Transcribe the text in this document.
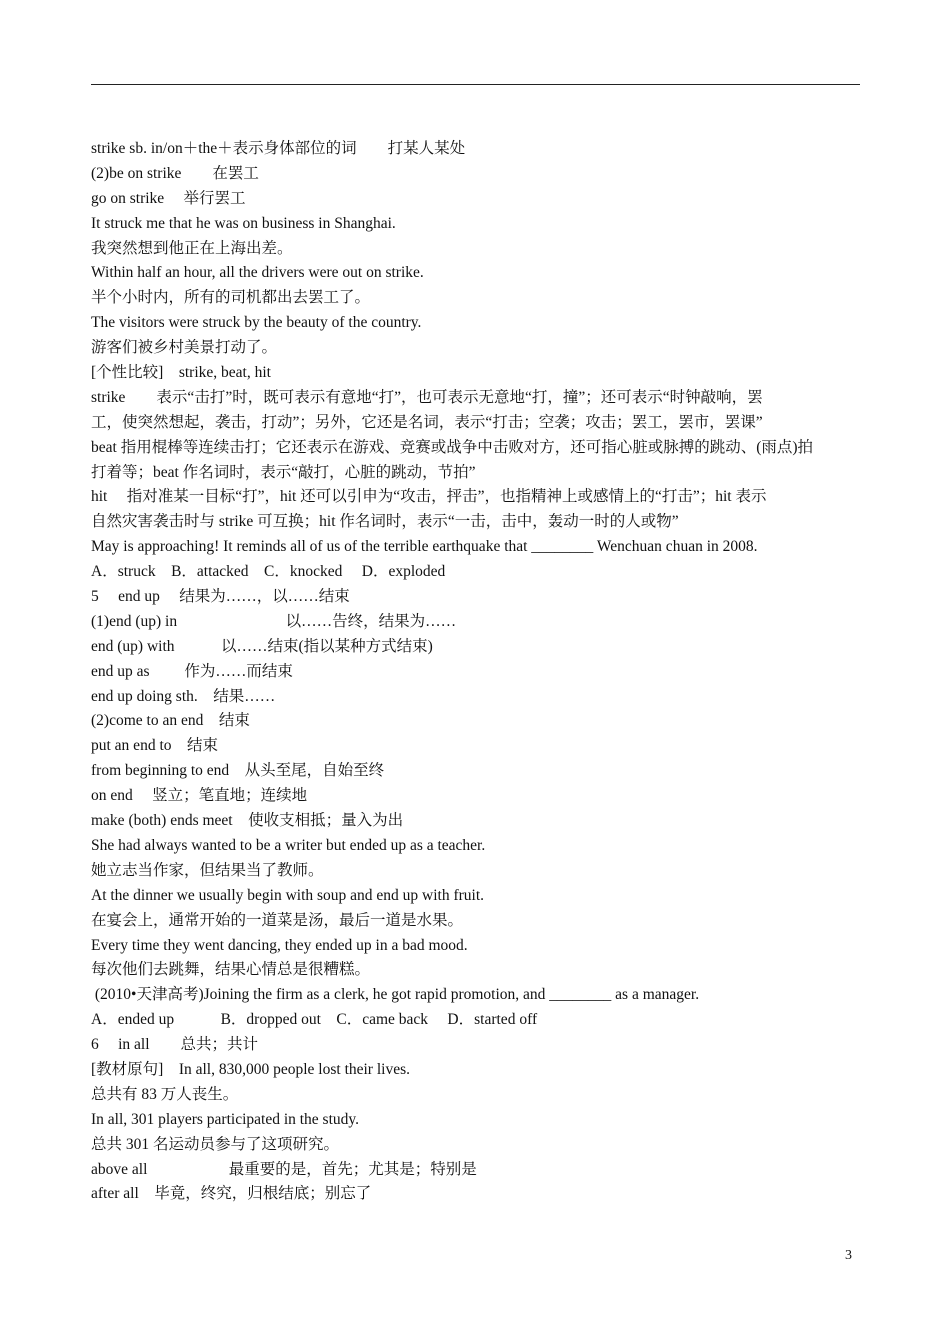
strike sb. in/on＋the＋表示身体部位的词　　打某人某处
(2)be on strike　　在罢工
go on strike　 举行罢工
It struck me that he was on business in Shanghai.
我突然想到他正在上海出差。
Within half an hour, all the drivers were out on strike.
半个小时内，所有的司机都出去罢工了。
The visitors were struck by the beauty of the country.
游客们被乡村美景打动了。
[个性比较]　strike, beat, hit
strike　　表示“击打”时，既可表示有意地“打”，也可表示无意地“打，撞”；还可表示“时钟敲响，罢
工，使突然想起，袭击，打动”；另外，它还是名词，表示“打击；空袭；攻击；罢工，罢市，罢课”
beat 指用棍棒等连续击打；它还表示在游戏、竞赛或战争中击败对方，还可指心脏或脉搏的跳动、(雨点)拍
打着等；beat 作名词时，表示“敲打，心脏的跳动，节拍”
hit　 指对准某一目标“打”，hit 还可以引申为“攻击，抨击”，也指精神上或感情上的“打击”；hit 表示
自然灾害袭击时与 strike 可互换；hit 作名词时，表示“一击，击中，轰动一时的人或物”
May is approaching! It reminds all of us of the terrible earthquake that ________ Wenchuan chuan in 2008.
A．struck　B．attacked　C．knocked　 D．exploded
5　 end up　 结果为……，以……结束
(1)end (up) in　　　　　　　以……告终，结果为……
end (up) with　　　以……结束(指以某种方式结束)
end up as　　 作为……而结束
end up doing sth.　结果……
(2)come to an end　结束
put an end to　结束
from beginning to end　从头至尾，自始至终
on end　 竖立；笔直地；连续地
make (both) ends meet　使收支相抵；量入为出
She had always wanted to be a writer but ended up as a teacher.
她立志当作家，但结果当了教师。
At the dinner we usually begin with soup and end up with fruit.
在宴会上，通常开始的一道菜是汤，最后一道是水果。
Every time they went dancing, they ended up in a bad mood.
每次他们去跳舞，结果心情总是很糟糕。
(2010•天津高考)Joining the firm as a clerk, he got rapid promotion, and ________ as a manager.
A．ended up　　　B．dropped out　C．came back　 D．started off
6　 in all　　总共；共计
[教材原句]　In all, 830,000 people lost their lives.
总共有 83 万人丧生。
In all, 301 players participated in the study.
总共 301 名运动员参与了这项研究。
above all　　　　　 最重要的是，首先；尤其是；特别是
after all　毕竟，终究，归根结底；别忘了
3
